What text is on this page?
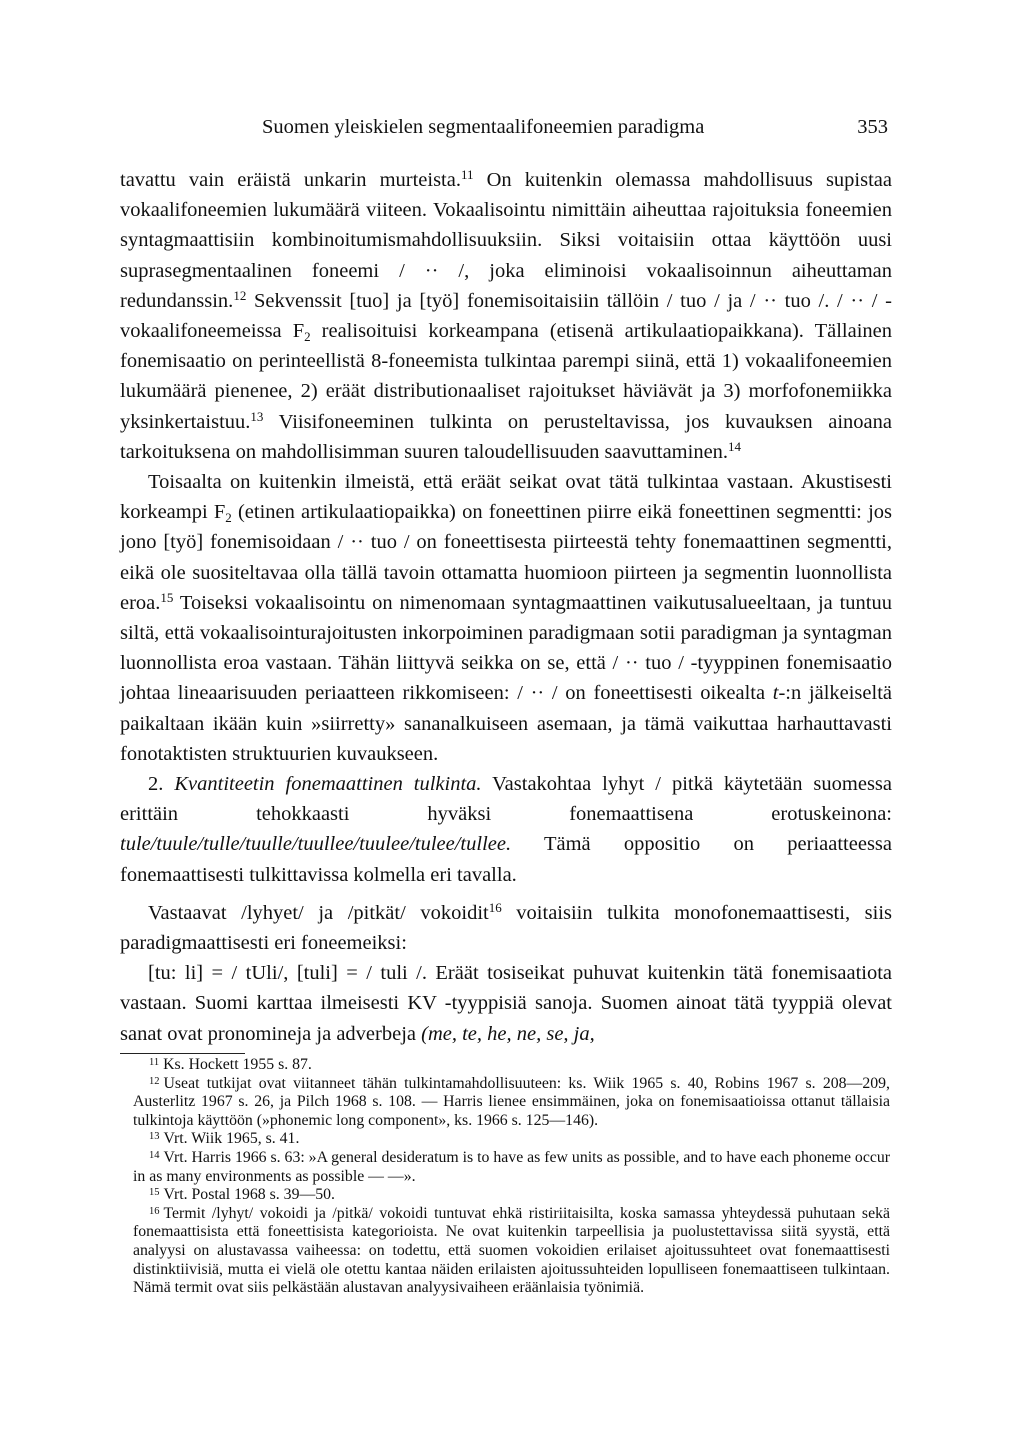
Suomen yleiskielen segmentaalifoneemien paradigma	353

tavattu vain eräistä unkarin murteista.$^{11}$ On kuitenkin olemassa mahdollisuus supistaa vokaalifoneemien lukumäärä viiteen. Vokaalisointu nimittäin aiheuttaa rajoituksia foneemien syntagmaattisiin kombinoitumismahdollisuuksiin. Siksi voitaisiin ottaa käyttöön uusi suprasegmentaalinen foneemi / ·· /, joka eliminoisi vokaalisoinnun aiheuttaman redundanssin.$^{12}$ Sekvenssit [tuo] ja [työ] fonemisoitaisiin tällöin / tuo / ja / ·· tuo /. / ·· / -vokaalifoneemeissa $F_2$ realisoituisi korkeampana (etisenä artikulaatiopaikkana). Tällainen fonemisaatio on perinteellistä 8-foneemista tulkintaa parempi siinä, että 1) vokaalifoneemien lukumäärä pienenee, 2) eräät distributionaaliset rajoitukset häviävät ja 3) morfofonemiikka yksinkertaistuu.$^{13}$ Viisifoneeminen tulkinta on perusteltavissa, jos kuvauksen ainoana tarkoituksena on mahdollisimman suuren taloudellisuuden saavuttaminen.$^{14}$

Toisaalta on kuitenkin ilmeistä, että eräät seikat ovat tätä tulkintaa vastaan. Akustisesti korkeampi $F_2$ (etinen artikulaatiopaikka) on foneettinen piirre eikä foneettinen segmentti: jos jono [työ] fonemisoidaan / ·· tuo / on foneettisesta piirteestä tehty fonemaattinen segmentti, eikä ole suositeltavaa olla tällä tavoin ottamatta huomioon piirteen ja segmentin luonnollista eroa.$^{15}$ Toiseksi vokaalisointu on nimenomaan syntagmaattinen vaikutusalueeltaan, ja tuntuu siltä, että vokaalisointurajoitusten inkorpoiminen paradigmaan sotii paradigman ja syntagman luonnollista eroa vastaan. Tähän liittyvä seikka on se, että / ·· tuo / -tyyppinen fonemisaatio johtaa lineaarisuuden periaatteen rikkomiseen: / ·· / on foneettisesti oikealta t-:n jälkeiseltä paikaltaan ikään kuin »siirretty» sananalkuiseen asemaan, ja tämä vaikuttaa harhauttavasti fonotaktisten struktuurien kuvaukseen.

2. Kvantiteetin fonemaattinen tulkinta. Vastakohtaa lyhyt / pitkä käytetään suomessa erittäin tehokkaasti hyväksi fonemaattisena erotuskeinona: tule/tuule/tulle/tuulle/tuullee/tuulee/tulee/tullee. Tämä oppositio on periaatteessa fonemaattisesti tulkittavissa kolmella eri tavalla.

Vastaavat /lyhyet/ ja /pitkät/ vokoidit$^{16}$ voitaisiin tulkita monofonemaattisesti, siis paradigmaattisesti eri foneemeiksi:

[tu: li] = / tUli/, [tuli] = / tuli /. Eräät tosiseikat puhuvat kuitenkin tätä fonemisaatiota vastaan. Suomi karttaa ilmeisesti KV -tyyppisiä sanoja. Suomen ainoat tätä tyyppiä olevat sanat ovat pronomineja ja adverbeja (me, te, he, ne, se, ja,

$^{11}$ Ks. Hockett 1955 s. 87.

$^{12}$ Useat tutkijat ovat viitanneet tähän tulkintamahdollisuuteen: ks. Wiik 1965 s. 40, Robins 1967 s. 208—209, Austerlitz 1967 s. 26, ja Pilch 1968 s. 108. — Harris lienee ensimmäinen, joka on fonemisaatioissa ottanut tällaisia tulkintoja käyttöön (»phonemic long component», ks. 1966 s. 125—146).

$^{13}$ Vrt. Wiik 1965, s. 41.

$^{14}$ Vrt. Harris 1966 s. 63: »A general desideratum is to have as few units as possible, and to have each phoneme occur in as many environments as possible — —».

$^{15}$ Vrt. Postal 1968 s. 39—50.

$^{16}$ Termit /lyhyt/ vokoidi ja /pitkä/ vokoidi tuntuvat ehkä ristiriitaisilta, koska samassa yhteydessä puhutaan sekä fonemaattisista että foneettisista kategorioista. Ne ovat kuitenkin tarpeellisia ja puolustettavissa siitä syystä, että analyysi on alustavassa vaiheessa: on todettu, että suomen vokoidien erilaiset ajoitussuhteet ovat fonemaattisesti distinktiivisiä, mutta ei vielä ole otettu kantaa näiden erilaisten ajoitussuhteiden lopulliseen fonemaattiseen tulkintaan. Nämä termit ovat siis pelkästään alustavan analyysivaiheen eräänlaisia työnimiä.
